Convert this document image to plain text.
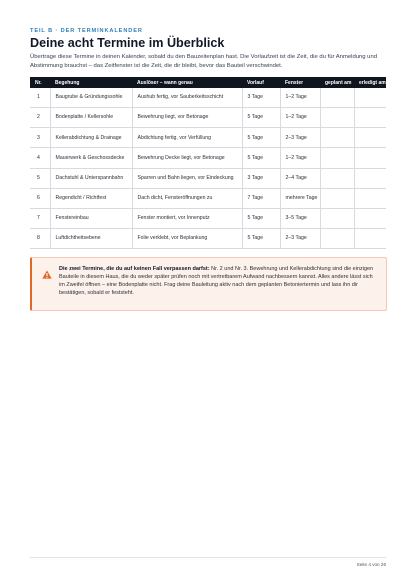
TEIL B · DER TERMINKALENDER
Deine acht Termine im Überblick
Übertrage diese Termine in deinen Kalender, sobald du den Bauzeitenplan hast. Die Vorlaufzeit ist die Zeit, die du für Anmeldung und Abstimmung brauchst – das Zeitfenster ist die Zeit, die dir bleibt, bevor das Bauteil verschwindet.
Nr.	Begehung	Auslöser – wann genau	Vorlauf	Fenster	geplant am	erledigt am
1	Baugrube & Gründungssohle	Aushub fertig, vor Sauberkeitsschicht	3 Tage	1–2 Tage		
2	Bodenplatte / Kellersohle	Bewehrung liegt, vor Betonage	5 Tage	1–2 Tage		
3	Kellerabdichtung & Drainage	Abdichtung fertig, vor Verfüllung	5 Tage	2–3 Tage		
4	Mauerwerk & Geschossdecke	Bewehrung Decke liegt, vor Betonage	5 Tage	1–2 Tage		
5	Dachstuhl & Unterspannbahn	Sparren und Bahn liegen, vor Eindeckung	3 Tage	2–4 Tage		
6	Regendicht / Richtfest	Dach dicht, Fensteröffnungen zu	7 Tage	mehrere Tage		
7	Fenstereinbau	Fenster montiert, vor Innenputz	5 Tage	3–5 Tage		
8	Luftdichtheitsebene	Folie verklebt, vor Beplankung	5 Tage	2–3 Tage		
Die zwei Termine, die du auf keinen Fall verpassen darfst: Nr. 2 und Nr. 3. Bewehrung und Kellerabdichtung sind die einzigen Bauteile in diesem Haus, die du weder später prüfen noch mit vertretbarem Aufwand nachbessern kannst. Alles andere lässt sich im Zweifel öffnen – eine Bodenplatte nicht. Frag deine Bauleitung aktiv nach dem geplanten Betoniertermin und lass ihn dir bestätigen, sobald er feststeht.
Seite 4 von 26
